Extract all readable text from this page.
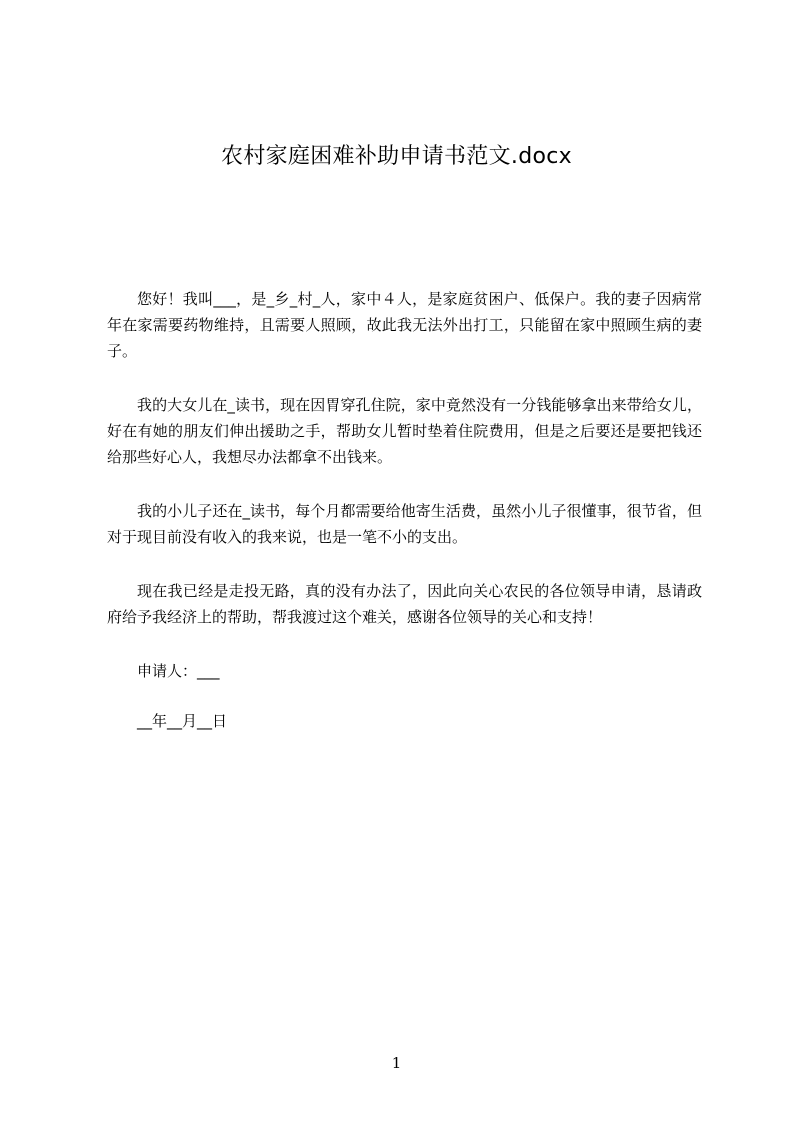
农村家庭困难补助申请书范文.docx

您好！我叫___，是_乡_村_人，家中４人，是家庭贫困户、低保户。我的妻子因病常年在家需要药物维持，且需要人照顾，故此我无法外出打工，只能留在家中照顾生病的妻子。

我的大女儿在_读书，现在因胃穿孔住院，家中竟然没有一分钱能够拿出来带给女儿，好在有她的朋友们伸出援助之手，帮助女儿暂时垫着住院费用，但是之后要还是要把钱还给那些好心人，我想尽办法都拿不出钱来。

我的小儿子还在_读书，每个月都需要给他寄生活费，虽然小儿子很懂事，很节省，但对于现目前没有收入的我来说，也是一笔不小的支出。

现在我已经是走投无路，真的没有办法了，因此向关心农民的各位领导申请，恳请政府给予我经济上的帮助，帮我渡过这个难关，感谢各位领导的关心和支持！

申请人：___

__年__月__日

1
